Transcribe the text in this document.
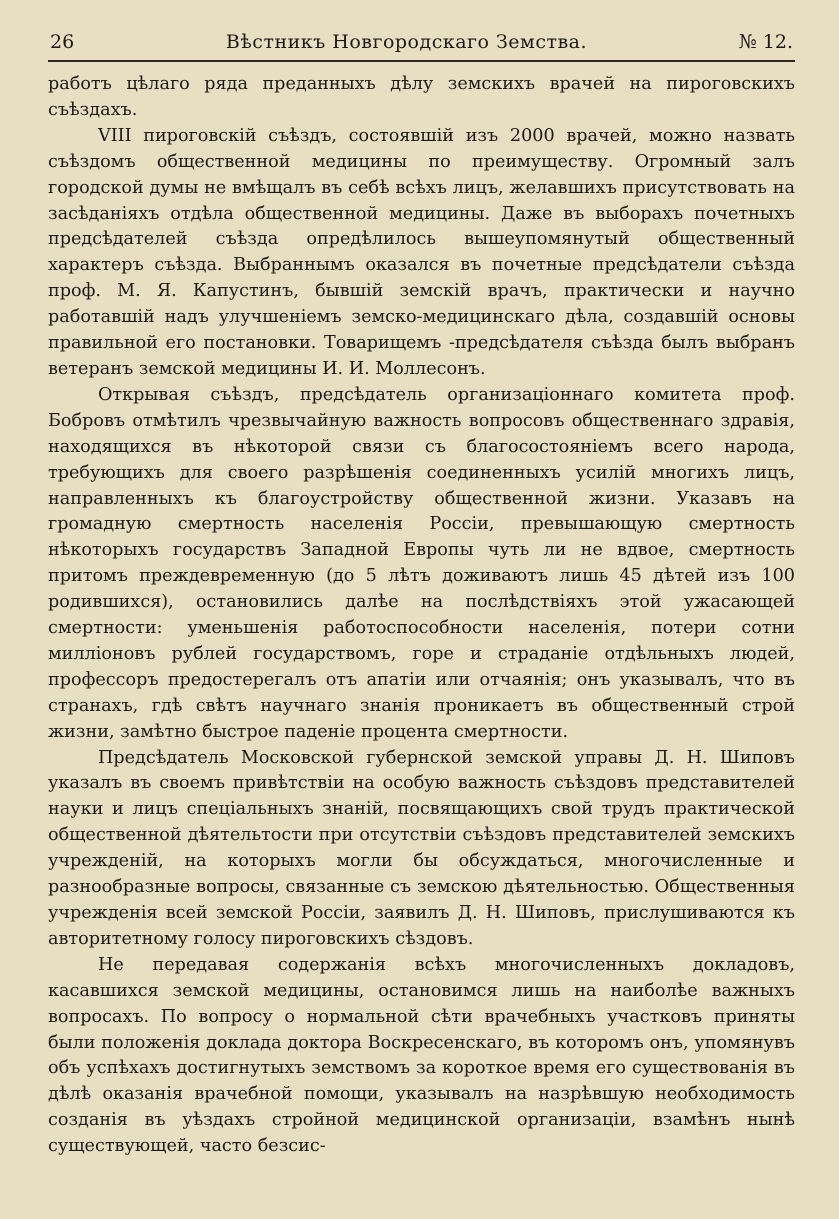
26	Вѣстникъ Новгородскаго Земства.	№ 12.

работъ цѣлаго ряда преданныхъ дѣлу земскихъ врачей на пироговскихъ съѣздахъ.

VIII пироговскій съѣздъ, состоявшій изъ 2000 врачей, можно назвать съѣздомъ общественной медицины по преимуществу. Огромный залъ городской думы не вмѣщалъ въ себѣ всѣхъ лицъ, желавшихъ присутствовать на засѣданіяхъ отдѣла общественной медицины. Даже въ выборахъ почетныхъ предсѣдателей съѣзда опредѣлилось вышеупомянутый общественный характеръ съѣзда. Выбраннымъ оказался въ почетные предсѣдатели съѣзда проф. М. Я. Капустинъ, бывшій земскій врачъ, практически и научно работавшій надъ улучшеніемъ земско-медицинскаго дѣла, создавшій основы правильной его постановки. Товарищемъ -предсѣдателя съѣзда былъ выбранъ ветеранъ земской медицины И. И. Моллесонъ.

Открывая съѣздъ, предсѣдатель организаціоннаго комитета проф. Бобровъ отмѣтилъ чрезвычайную важность вопросовъ общественнаго здравія, находящихся въ нѣкоторой связи съ благосостояніемъ всего народа, требующихъ для своего разрѣшенія соединенныхъ усилій многихъ лицъ, направленныхъ къ благоустройству общественной жизни. Указавъ на громадную смертность населенія Россіи, превышающую смертность нѣкоторыхъ государствъ Западной Европы чуть ли не вдвое, смертность притомъ преждевременную (до 5 лѣтъ доживаютъ лишь 45 дѣтей изъ 100 родившихся), остановились далѣе на послѣдствіяхъ этой ужасающей смертности: уменьшенія работоспособности населенія, потери сотни милліоновъ рублей государствомъ, горе и страданіе отдѣльныхъ людей, профессоръ предостерегалъ отъ апатіи или отчаянія; онъ указывалъ, что въ странахъ, гдѣ свѣтъ научнаго знанія проникаетъ въ общественный строй жизни, замѣтно быстрое паденіе процента смертности.

Предсѣдатель Московской губернской земской управы Д. Н. Шиповъ указалъ въ своемъ привѣтствіи на особую важность съѣздовъ представителей науки и лицъ спеціальныхъ знаній, посвящающихъ свой трудъ практической общественной дѣятельтости при отсутствіи съѣздовъ представителей земскихъ учрежденій, на которыхъ могли бы обсуждаться, многочисленные и разнообразные вопросы, связанные съ земскою дѣятельностью. Общественныя учрежденія всей земской Россіи, заявилъ Д. Н. Шиповъ, прислушиваются къ авторитетному голосу пироговскихъ сѣздовъ.

Не передавая содержанія всѣхъ многочисленныхъ докладовъ, касавшихся земской медицины, остановимся лишь на наиболѣе важныхъ вопросахъ. По вопросу о нормальной сѣти врачебныхъ участковъ приняты были положенія доклада доктора Воскресенскаго, въ которомъ онъ, упомянувъ объ успѣхахъ достигнутыхъ земствомъ за короткое время его существованія въ дѣлѣ оказанія врачебной помощи, указывалъ на назрѣвшую необходимость созданія въ уѣздахъ стройной медицинской организаціи, взамѣнъ нынѣ существующей, часто безсис-
